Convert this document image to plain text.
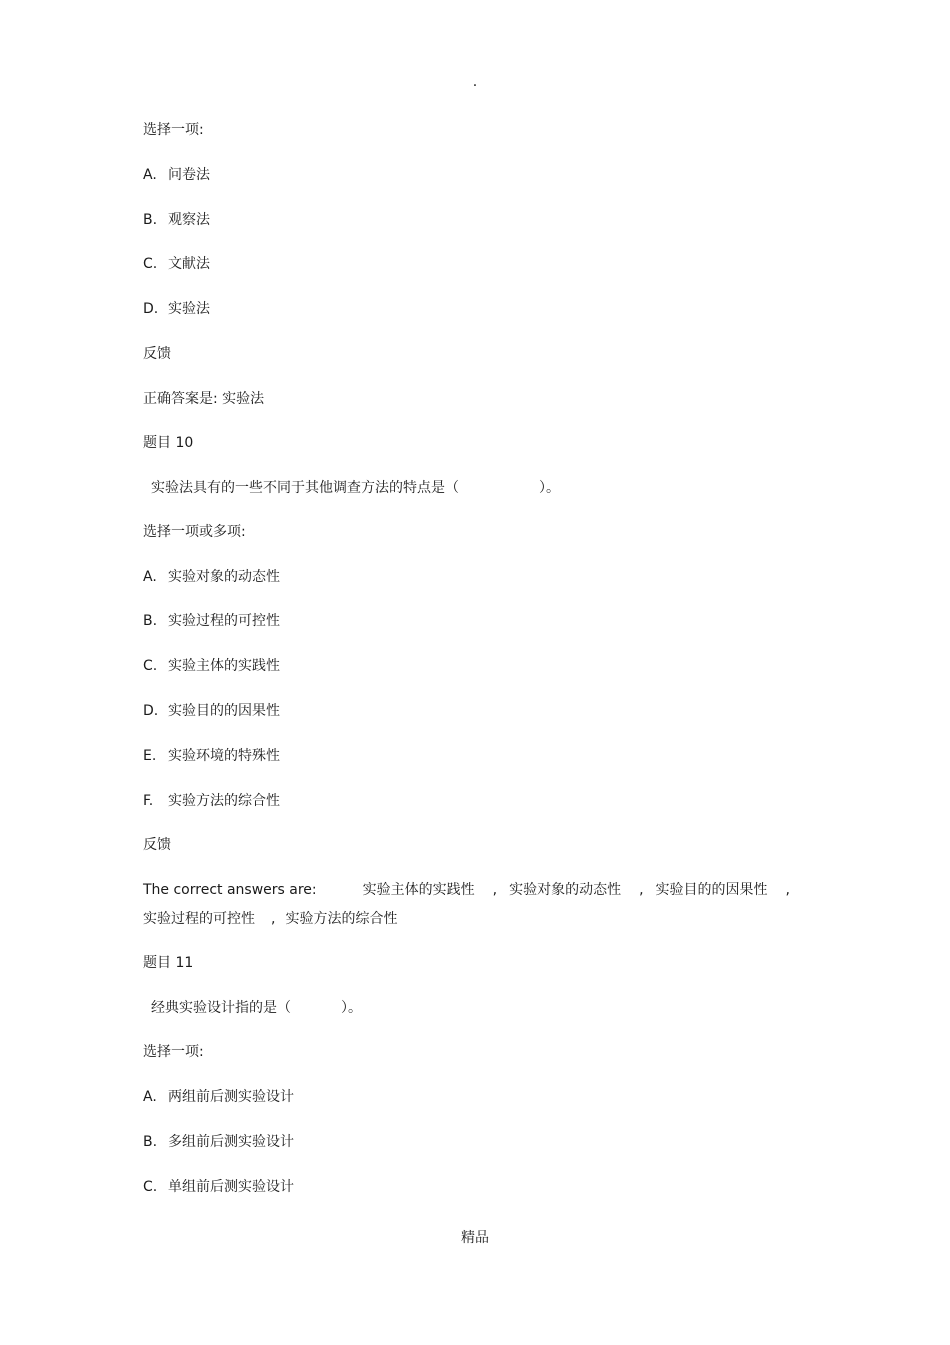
.
选择一项:
A. 问卷法
B. 观察法
C. 文献法
D. 实验法
反馈
正确答案是: 实验法
题目 10
实验法具有的一些不同于其他调查方法的特点是（	）。
选择一项或多项:
A. 实验对象的动态性
B. 实验过程的可控性
C. 实验主体的实践性
D. 实验目的的因果性
E. 实验环境的特殊性
F. 实验方法的综合性
反馈
The correct answers are:	实验主体的实践性 , 实验对象的动态性 , 实验目的的因果性 ,
实验过程的可控性 , 实验方法的综合性
题目 11
经典实验设计指的是（	）。
选择一项:
A. 两组前后测实验设计
B. 多组前后测实验设计
C. 单组前后测实验设计
精品
